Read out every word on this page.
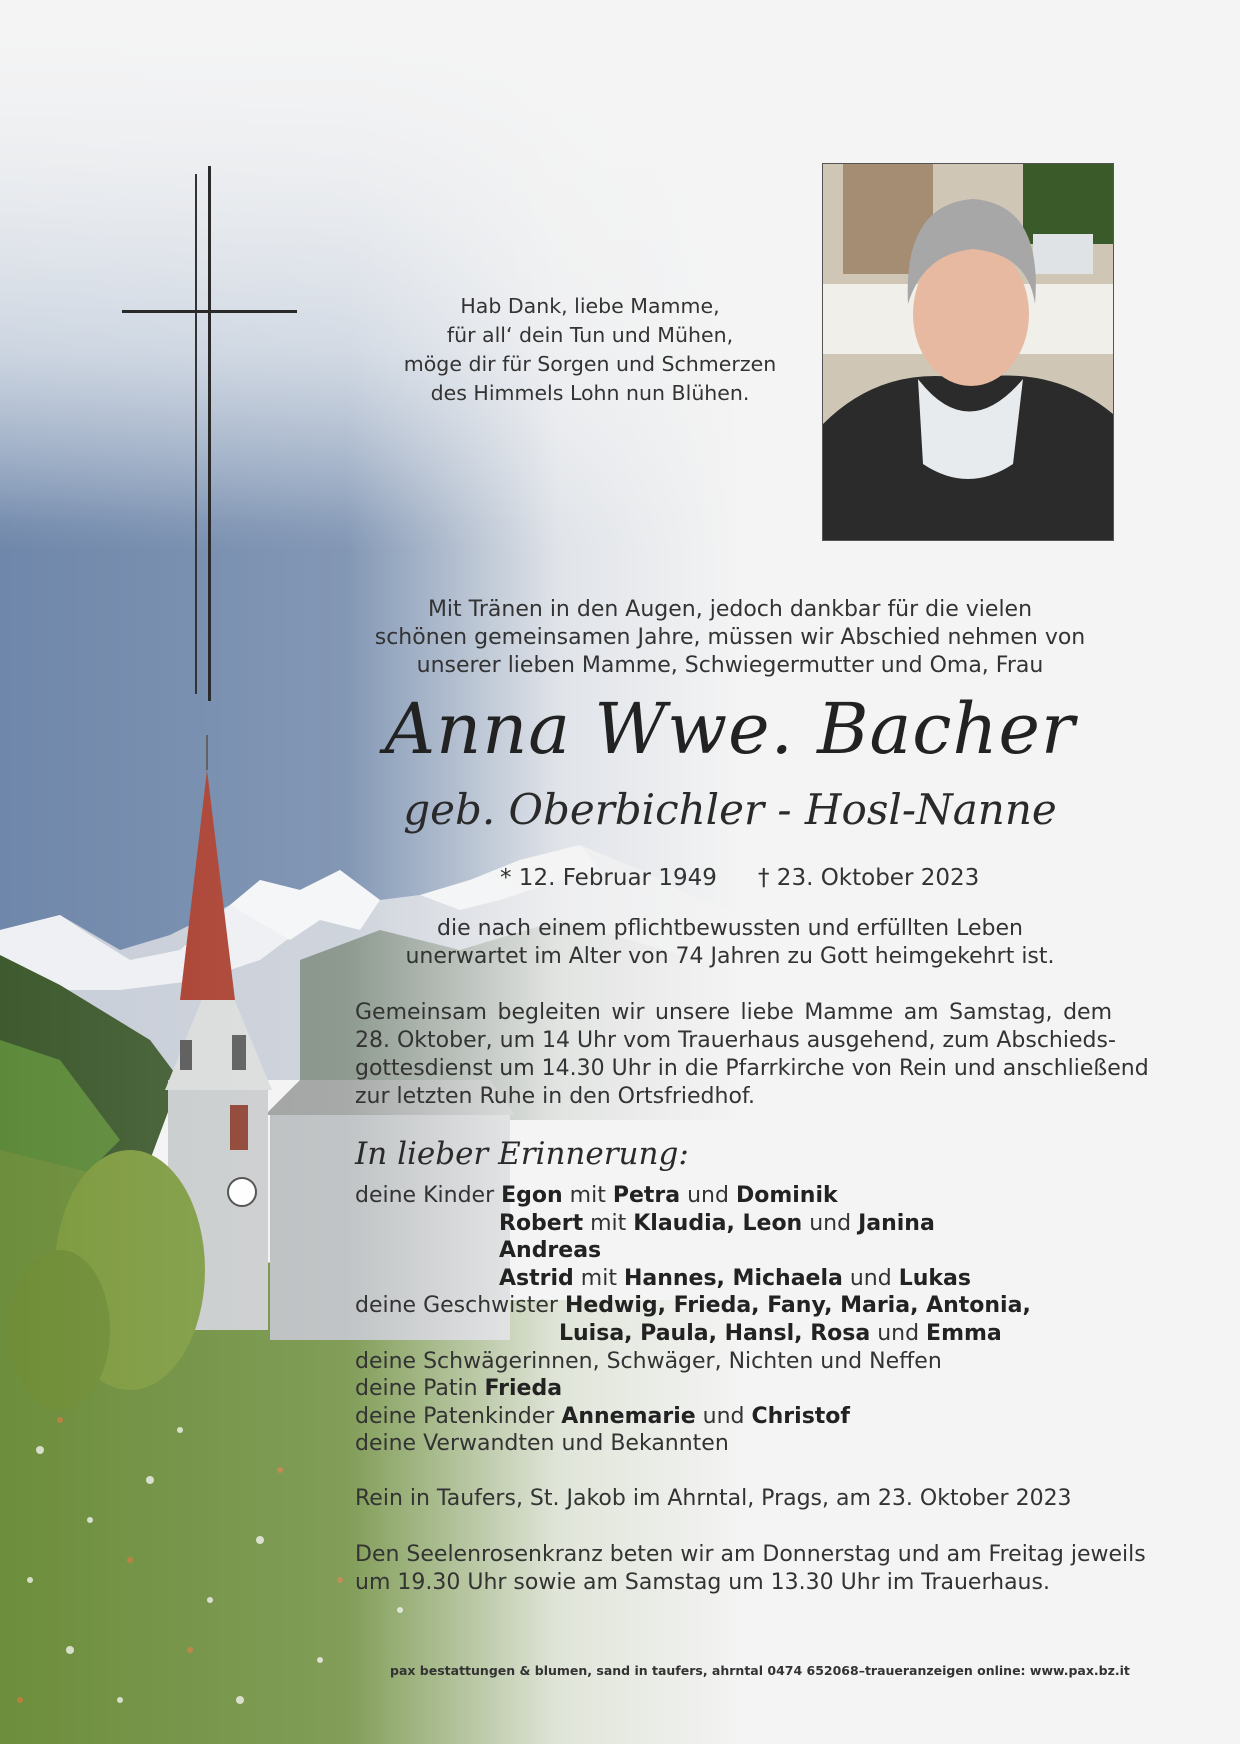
Hab Dank, liebe Mamme,
für all‘ dein Tun und Mühen,
möge dir für Sorgen und Schmerzen
des Himmels Lohn nun Blühen.
Mit Tränen in den Augen, jedoch dankbar für die vielen
schönen gemeinsamen Jahre, müssen wir Abschied nehmen von
unserer lieben Mamme, Schwiegermutter und Oma, Frau
Anna Wwe. Bacher
geb. Oberbichler - Hosl-Nanne
* 12. Februar 1949 † 23. Oktober 2023
die nach einem pflichtbewussten und erfüllten Leben
unerwartet im Alter von 74 Jahren zu Gott heimgekehrt ist.
Gemeinsam begleiten wir unsere liebe Mamme am Samstag, dem
28. Oktober, um 14 Uhr vom Trauerhaus ausgehend, zum Abschieds-
gottesdienst um 14.30 Uhr in die Pfarrkirche von Rein und anschließend
zur letzten Ruhe in den Ortsfriedhof.
In lieber Erinnerung:
deine Kinder Egon mit Petra und Dominik
Robert mit Klaudia, Leon und Janina
Andreas
Astrid mit Hannes, Michaela und Lukas
deine Geschwister Hedwig, Frieda, Fany, Maria, Antonia,
Luisa, Paula, Hansl, Rosa und Emma
deine Schwägerinnen, Schwäger, Nichten und Neffen
deine Patin Frieda
deine Patenkinder Annemarie und Christof
deine Verwandten und Bekannten
Rein in Taufers, St. Jakob im Ahrntal, Prags, am 23. Oktober 2023
Den Seelenrosenkranz beten wir am Donnerstag und am Freitag jeweils
um 19.30 Uhr sowie am Samstag um 13.30 Uhr im Trauerhaus.
pax bestattungen & blumen, sand in taufers, ahrntal 0474 652068–traueranzeigen online: www.pax.bz.it
